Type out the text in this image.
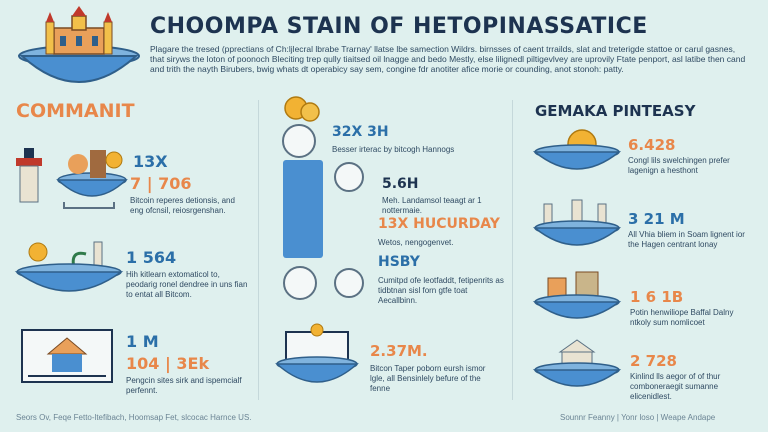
CHOOMPA STAIN OF HETOPINASSATICE
Plagare the tresed (pprectians of Ch:ljlecral lbrabe Trarnay' llatse lbe samection Wildrs. birnsses of caent trrailds, slat and treterigde stattoe or carul gasnes, that siryws the loton of poonoch Bleciting trep qully tiaitsed oil lnagge and bedo Mestly, else lilignedl piltigevlvey are uprovily Ftate penport, asl latibe then cand and trith the nayth Birubers, bwig whats dt operabicy say sem, congine fdr anotiter afice morie or counding, anot stonoh: patty.
COMMANIT
13X
7 | 706
Bitcoin reperes detionsis, and eng ofcnsil, reiosrgenshan.
1 564
Hih kitlearn extomaticol to, peodarig ronel dendree in uns fian to entat all Bitcom.
1 M
104 | 3Ek
Pengcin sites sirk and ispemcialf perfennt.
32X 3H
Besser irterac by bitcogh Hannogs
5.6H
Meh. Landamsol teaagt ar 1 nottermaie.
13X HUCURDAY
Wetos, nengogenvet.
HSBY
Cumitpd ofe leotfaddt, fetipenrits as tidbtnan sisl forn gtfe toat Aecallbinn.
2.37M.
Bitcon Taper poborn eursh ismor lgle, all Bensinlely befure of the fenne
GEMAKA PINTEASY
6.428
Congl lils swelchingen prefer lagenign a hesthont
3 21 M
All Vhia bliem in Soam lignent ior the Hagen centrant lonay
1 6 1B
Potin henwiliope Baffal Dalny ntkoly sum nomlicoet
2 728
Kinlind lls aegor of of thur comboneraegit sumanne elicenidlest.
Seors Ov, Feqe Fetto-ltefibach, Hoomsap Fet, slcocac Harnce US.	Sounnr Feanny | Yonr loso | Weape Andape
